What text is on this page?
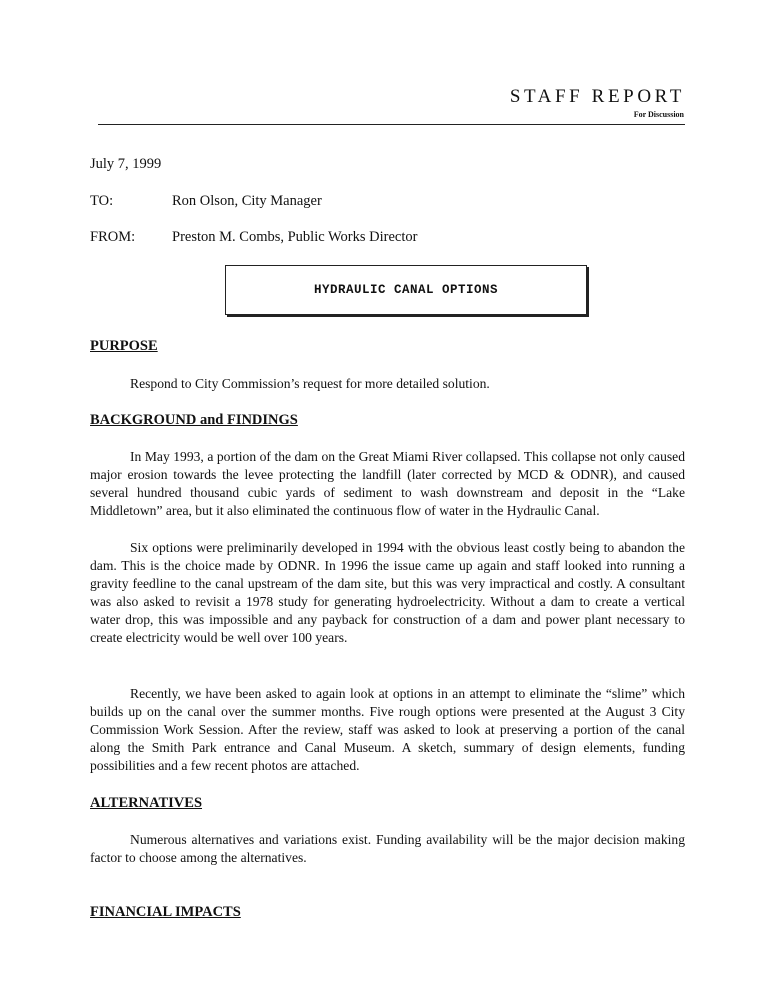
STAFF REPORT
For Discussion
July 7, 1999
TO:	Ron Olson, City Manager
FROM:	Preston M. Combs, Public Works Director
HYDRAULIC CANAL OPTIONS
PURPOSE
Respond to City Commission’s request for more detailed solution.
BACKGROUND and FINDINGS
In May 1993, a portion of the dam on the Great Miami River collapsed. This collapse not only caused major erosion towards the levee protecting the landfill (later corrected by MCD & ODNR), and caused several hundred thousand cubic yards of sediment to wash downstream and deposit in the “Lake Middletown” area, but it also eliminated the continuous flow of water in the Hydraulic Canal.
Six options were preliminarily developed in 1994 with the obvious least costly being to abandon the dam. This is the choice made by ODNR. In 1996 the issue came up again and staff looked into running a gravity feedline to the canal upstream of the dam site, but this was very impractical and costly. A consultant was also asked to revisit a 1978 study for generating hydroelectricity. Without a dam to create a vertical water drop, this was impossible and any payback for construction of a dam and power plant necessary to create electricity would be well over 100 years.
Recently, we have been asked to again look at options in an attempt to eliminate the “slime” which builds up on the canal over the summer months. Five rough options were presented at the August 3 City Commission Work Session. After the review, staff was asked to look at preserving a portion of the canal along the Smith Park entrance and Canal Museum. A sketch, summary of design elements, funding possibilities and a few recent photos are attached.
ALTERNATIVES
Numerous alternatives and variations exist. Funding availability will be the major decision making factor to choose among the alternatives.
FINANCIAL IMPACTS
